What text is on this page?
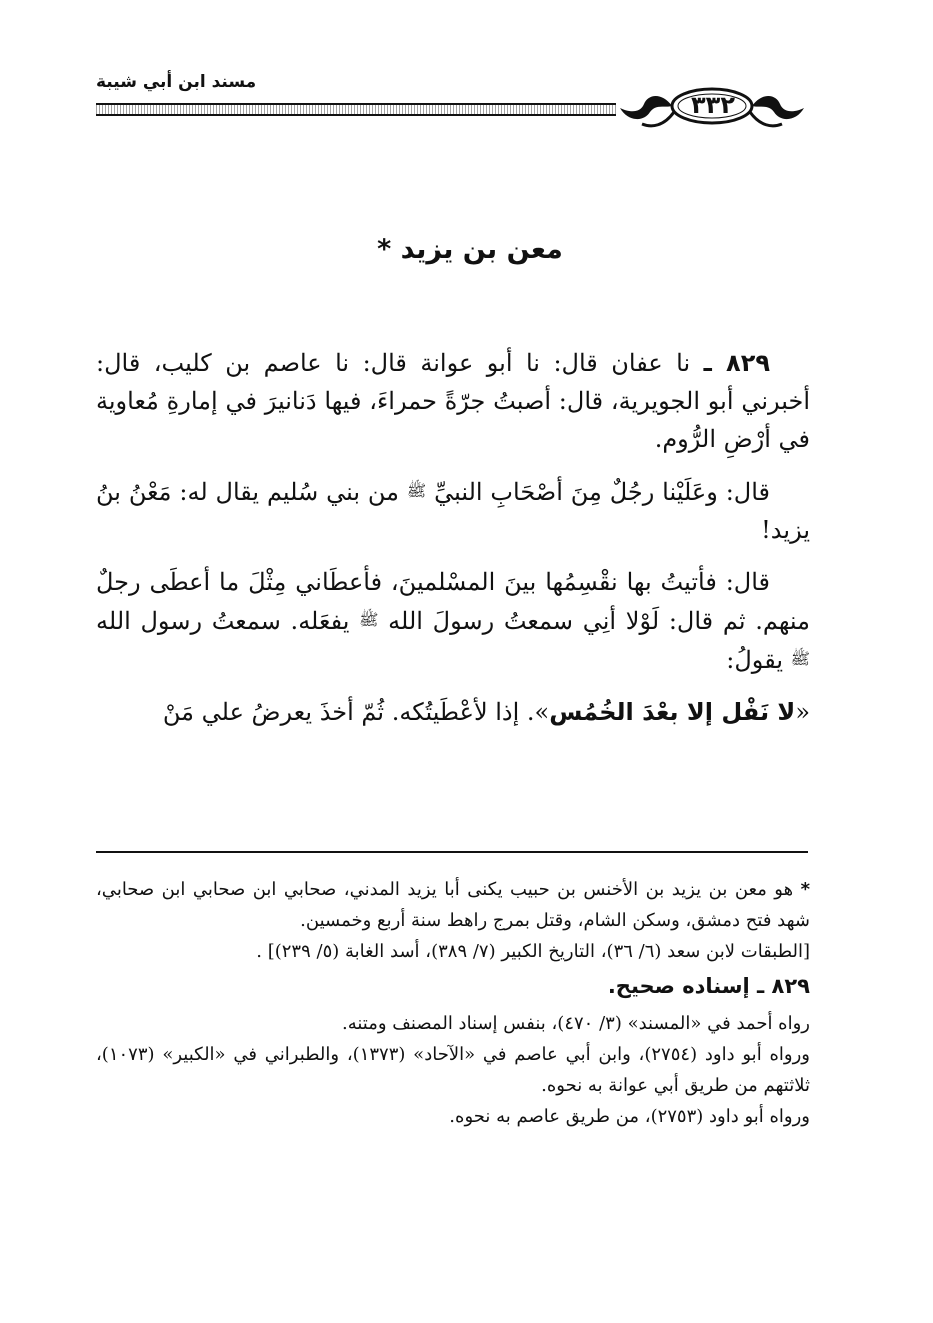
مسند ابن أبي شيبة
٣٣٢
معن بن يزيد *

٨٢٩ ـ نا عفان قال: نا أبو عوانة قال: نا عاصم بن كليب، قال: أخبرني أبو الجويرية، قال: أصبتُ جرّةً حمراءَ، فيها دَنانيرَ في إمارةِ مُعاوية في أرْضِ الرُّوم.

قال: وعَلَيْنا رجُلٌ مِنَ أصْحَابِ النبيِّ ﷺ من بني سُليم يقال له: مَعْنُ بنُ يزيد!

قال: فأتيتُ بها نقْسِمُها بينَ المسْلمينَ، فأعطَاني مِثْلَ ما أعطَى رجلٌ منهم. ثم قال: لَوْلا أنِي سمعتُ رسولَ الله ﷺ يفعَله. سمعتُ رسول الله ﷺ يقولُ:

«لا نَفْل إلا بعْدَ الخُمُس». إذا لأعْطَيتُكه. ثُمّ أخذَ يعرضُ علي مَنْ

* هو معن بن يزيد بن الأخنس بن حبيب يكنى أبا يزيد المدني، صحابي ابن صحابي ابن صحابي، شهد فتح دمشق، وسكن الشام، وقتل بمرج راهط سنة أربع وخمسين.

[الطبقات لابن سعد (٦/ ٣٦)، التاريخ الكبير (٧/ ٣٨٩)، أسد الغابة (٥/ ٢٣٩)] .

٨٢٩ ـ إسناده صحيح.

رواه أحمد في «المسند» (٣/ ٤٧٠)، بنفس إسناد المصنف ومتنه.

ورواه أبو داود (٢٧٥٤)، وابن أبي عاصم في «الآحاد» (١٣٧٣)، والطبراني في «الكبير» (١٠٧٣)، ثلاثتهم من طريق أبي عوانة به نحوه.

ورواه أبو داود (٢٧٥٣)، من طريق عاصم به نحوه.
